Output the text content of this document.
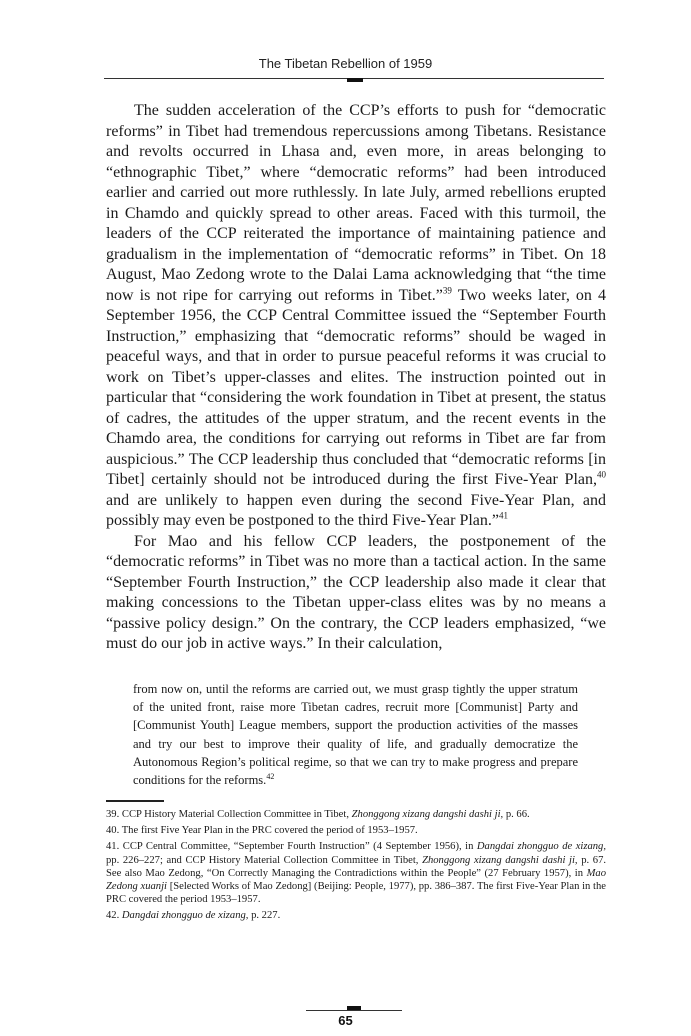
The Tibetan Rebellion of 1959

The sudden acceleration of the CCP’s efforts to push for “democratic reforms” in Tibet had tremendous repercussions among Tibetans. Resistance and revolts occurred in Lhasa and, even more, in areas belonging to “ethnographic Tibet,” where “democratic reforms” had been introduced earlier and carried out more ruthlessly. In late July, armed rebellions erupted in Chamdo and quickly spread to other areas. Faced with this turmoil, the leaders of the CCP reiterated the importance of maintaining patience and gradualism in the implementation of “democratic reforms” in Tibet. On 18 August, Mao Zedong wrote to the Dalai Lama acknowledging that “the time now is not ripe for carrying out reforms in Tibet.”$^{39}$ Two weeks later, on 4 September 1956, the CCP Central Committee issued the “September Fourth Instruction,” emphasizing that “democratic reforms” should be waged in peaceful ways, and that in order to pursue peaceful reforms it was crucial to work on Tibet’s upper-classes and elites. The instruction pointed out in particular that “considering the work foundation in Tibet at present, the status of cadres, the attitudes of the upper stratum, and the recent events in the Chamdo area, the conditions for carrying out reforms in Tibet are far from auspicious.” The CCP leadership thus concluded that “democratic reforms [in Tibet] certainly should not be introduced during the first Five-Year Plan,$^{40}$ and are unlikely to happen even during the second Five-Year Plan, and possibly may even be postponed to the third Five-Year Plan.”$^{41}$

For Mao and his fellow CCP leaders, the postponement of the “democratic reforms” in Tibet was no more than a tactical action. In the same “September Fourth Instruction,” the CCP leadership also made it clear that making concessions to the Tibetan upper-class elites was by no means a “passive policy design.” On the contrary, the CCP leaders emphasized, “we must do our job in active ways.” In their calculation,

from now on, until the reforms are carried out, we must grasp tightly the upper stratum of the united front, raise more Tibetan cadres, recruit more [Communist] Party and [Communist Youth] League members, support the production activities of the masses and try our best to improve their quality of life, and gradually democratize the Autonomous Region’s political regime, so that we can try to make progress and prepare conditions for the reforms.$^{42}$
39. CCP History Material Collection Committee in Tibet, Zhonggong xizang dangshi dashi ji, p. 66.
40. The first Five Year Plan in the PRC covered the period of 1953–1957.
41. CCP Central Committee, “September Fourth Instruction” (4 September 1956), in Dangdai zhongguo de xizang, pp. 226–227; and CCP History Material Collection Committee in Tibet, Zhonggong xizang dangshi dashi ji, p. 67. See also Mao Zedong, “On Correctly Managing the Contradictions within the People” (27 February 1957), in Mao Zedong xuanji [Selected Works of Mao Zedong] (Beijing: People, 1977), pp. 386–387. The first Five-Year Plan in the PRC covered the period 1953–1957.
42. Dangdai zhongguo de xizang, p. 227.
65
